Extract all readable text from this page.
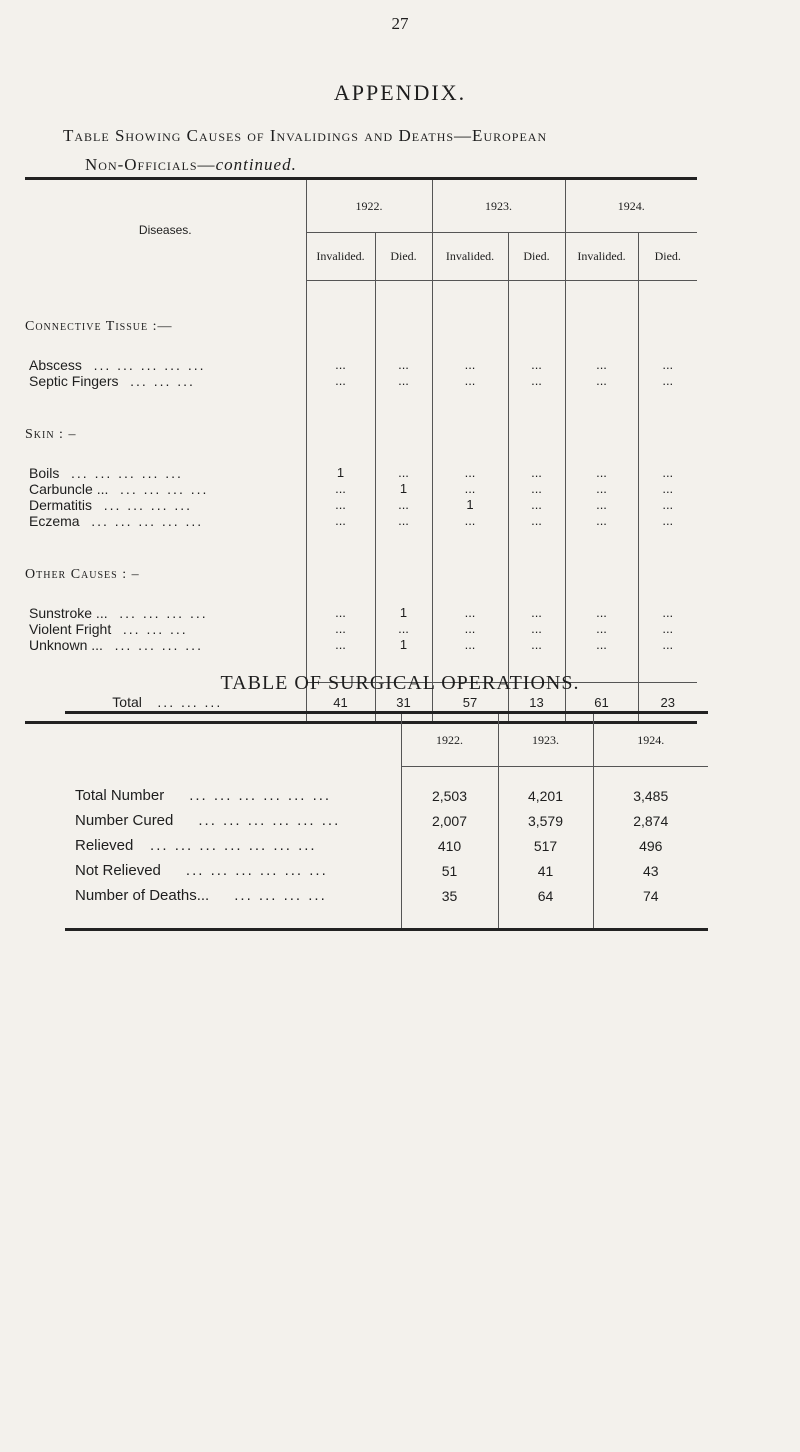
27
APPENDIX.
Table Showing Causes of Invalidings and Deaths—European
Non-Officials—continued.
Diseases.	1922.		1923.		1924.	
	Invalided.	Died.	Invalided.	Died.	Invalided.	Died.
Connective Tissue :—						

Abscess ... ... ... ... ...	...	...	...	...	...	...
Septic Fingers ... ... ...	...	...	...	...	...	...
Skin : –						

Boils ... ... ... ... ...	1	...	...	...	...	...
Carbuncle ... ... ... ... ...	...	1	...	...	...	...
Dermatitis ... ... ... ...	...	...	1	...	...	...
Eczema ... ... ... ... ...	...	...	...	...	...	...
Other Causes : –						

Sunstroke ... ... ... ... ...	...	1	...	...	...	...
Violent Fright ... ... ...	...	...	...	...	...	...
Unknown ... ... ... ... ...	...	1	...	...	...	...

Total ... ... ...	41	31	57	13	61	23
TABLE OF SURGICAL OPERATIONS.
	1922.	1923.	1924.

Total Number ... ... ... ... ... ...	2,503	4,201	3,485
Number Cured ... ... ... ... ... ...	2,007	3,579	2,874
Relieved ... ... ... ... ... ... ...	410	517	496
Not Relieved ... ... ... ... ... ...	51	41	43
Number of Deaths... ... ... ... ...	35	64	74
